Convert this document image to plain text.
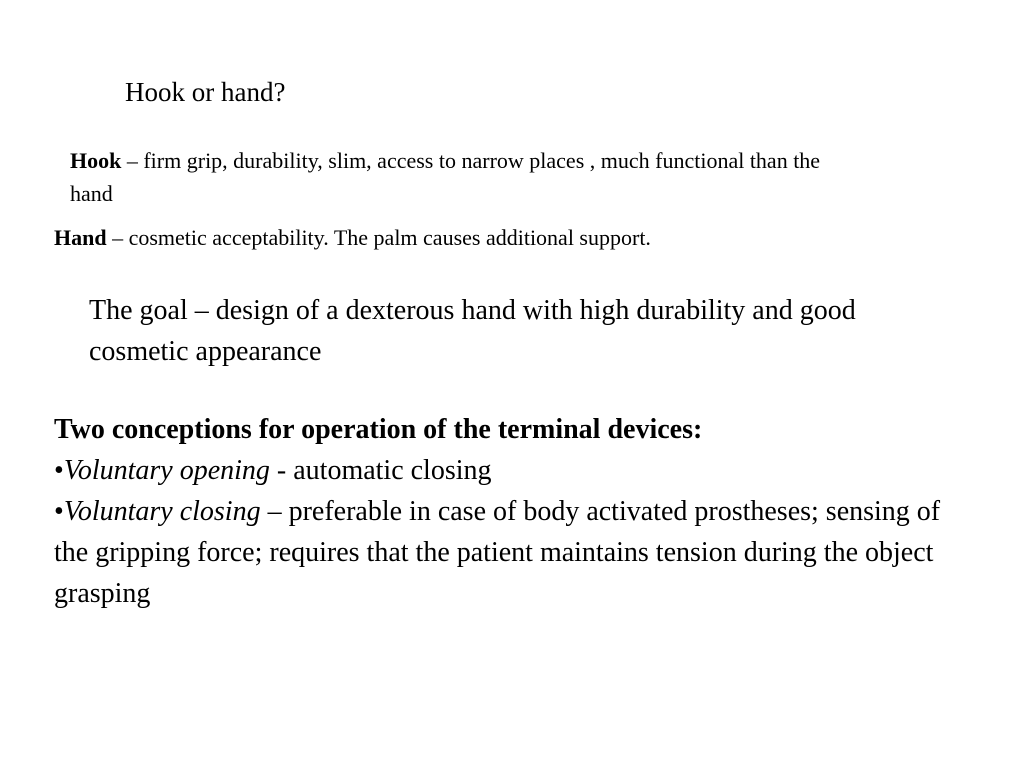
Hook or hand?
Hook – firm grip, durability, slim, access to narrow places , much functional than the hand
Hand – cosmetic acceptability. The palm causes additional support.
The goal – design of a dexterous hand with high durability and good cosmetic appearance

Two conceptions for operation of the terminal devices:

•Voluntary opening - automatic closing

•Voluntary closing – preferable in case of body activated prostheses; sensing of the gripping force; requires that the patient maintains tension during the object grasping
